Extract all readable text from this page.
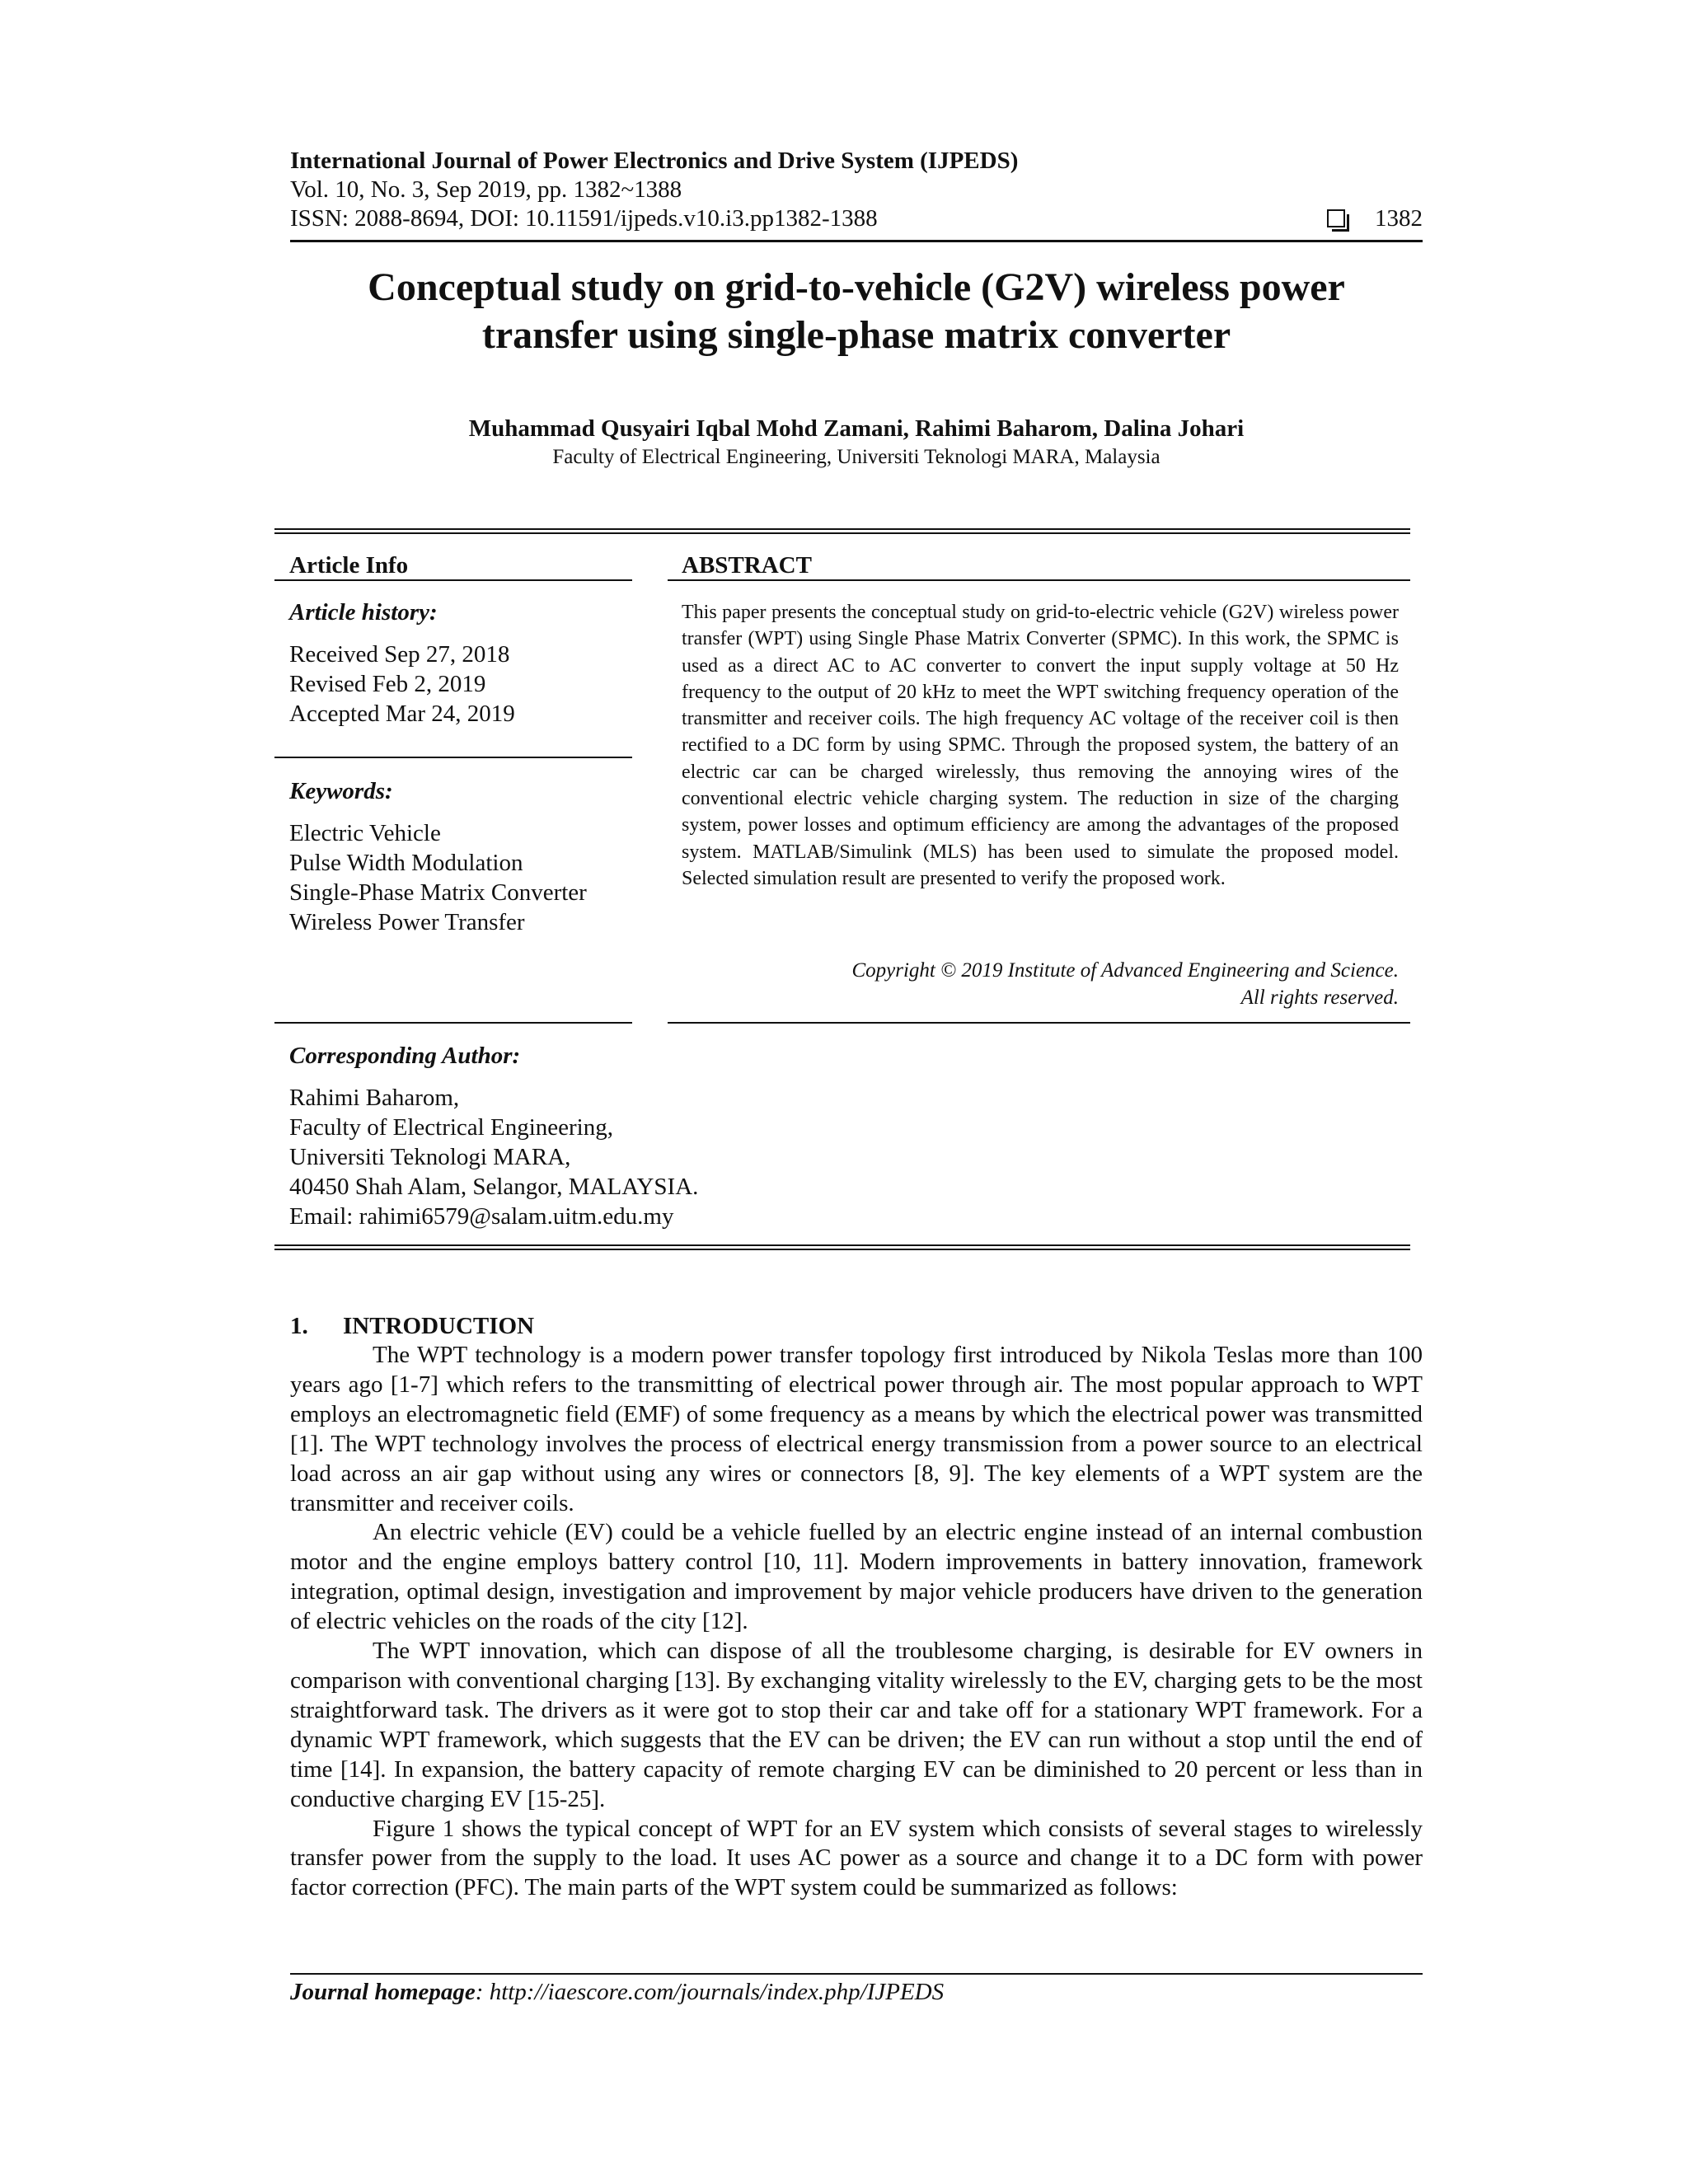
International Journal of Power Electronics and Drive System (IJPEDS)
Vol. 10, No. 3, Sep 2019, pp. 1382~1388
ISSN: 2088-8694, DOI: 10.11591/ijpeds.v10.i3.pp1382-1388	1382
Conceptual study on grid-to-vehicle (G2V) wireless power
transfer using single-phase matrix converter
Muhammad Qusyairi Iqbal Mohd Zamani, Rahimi Baharom, Dalina Johari
Faculty of Electrical Engineering, Universiti Teknologi MARA, Malaysia
Article Info	ABSTRACT
Article history:
Received Sep 27, 2018
Revised Feb 2, 2019
Accepted Mar 24, 2019
Keywords:
Electric Vehicle
Pulse Width Modulation
Single-Phase Matrix Converter
Wireless Power Transfer
This paper presents the conceptual study on grid-to-electric vehicle (G2V) wireless power transfer (WPT) using Single Phase Matrix Converter (SPMC). In this work, the SPMC is used as a direct AC to AC converter to convert the input supply voltage at 50 Hz frequency to the output of 20 kHz to meet the WPT switching frequency operation of the transmitter and receiver coils. The high frequency AC voltage of the receiver coil is then rectified to a DC form by using SPMC. Through the proposed system, the battery of an electric car can be charged wirelessly, thus removing the annoying wires of the conventional electric vehicle charging system. The reduction in size of the charging system, power losses and optimum efficiency are among the advantages of the proposed system. MATLAB/Simulink (MLS) has been used to simulate the proposed model. Selected simulation result are presented to verify the proposed work.
Copyright © 2019 Institute of Advanced Engineering and Science.
All rights reserved.
Corresponding Author:
Rahimi Baharom,
Faculty of Electrical Engineering,
Universiti Teknologi MARA,
40450 Shah Alam, Selangor, MALAYSIA.
Email: rahimi6579@salam.uitm.edu.my
1. INTRODUCTION

The WPT technology is a modern power transfer topology first introduced by Nikola Teslas more than 100 years ago [1-7] which refers to the transmitting of electrical power through air. The most popular approach to WPT employs an electromagnetic field (EMF) of some frequency as a means by which the electrical power was transmitted [1]. The WPT technology involves the process of electrical energy transmission from a power source to an electrical load across an air gap without using any wires or connectors [8, 9]. The key elements of a WPT system are the transmitter and receiver coils.

An electric vehicle (EV) could be a vehicle fuelled by an electric engine instead of an internal combustion motor and the engine employs battery control [10, 11]. Modern improvements in battery innovation, framework integration, optimal design, investigation and improvement by major vehicle producers have driven to the generation of electric vehicles on the roads of the city [12].

The WPT innovation, which can dispose of all the troublesome charging, is desirable for EV owners in comparison with conventional charging [13]. By exchanging vitality wirelessly to the EV, charging gets to be the most straightforward task. The drivers as it were got to stop their car and take off for a stationary WPT framework. For a dynamic WPT framework, which suggests that the EV can be driven; the EV can run without a stop until the end of time [14]. In expansion, the battery capacity of remote charging EV can be diminished to 20 percent or less than in conductive charging EV [15-25].

Figure 1 shows the typical concept of WPT for an EV system which consists of several stages to wirelessly transfer power from the supply to the load. It uses AC power as a source and change it to a DC form with power factor correction (PFC). The main parts of the WPT system could be summarized as follows:

Journal homepage: http://iaescore.com/journals/index.php/IJPEDS
